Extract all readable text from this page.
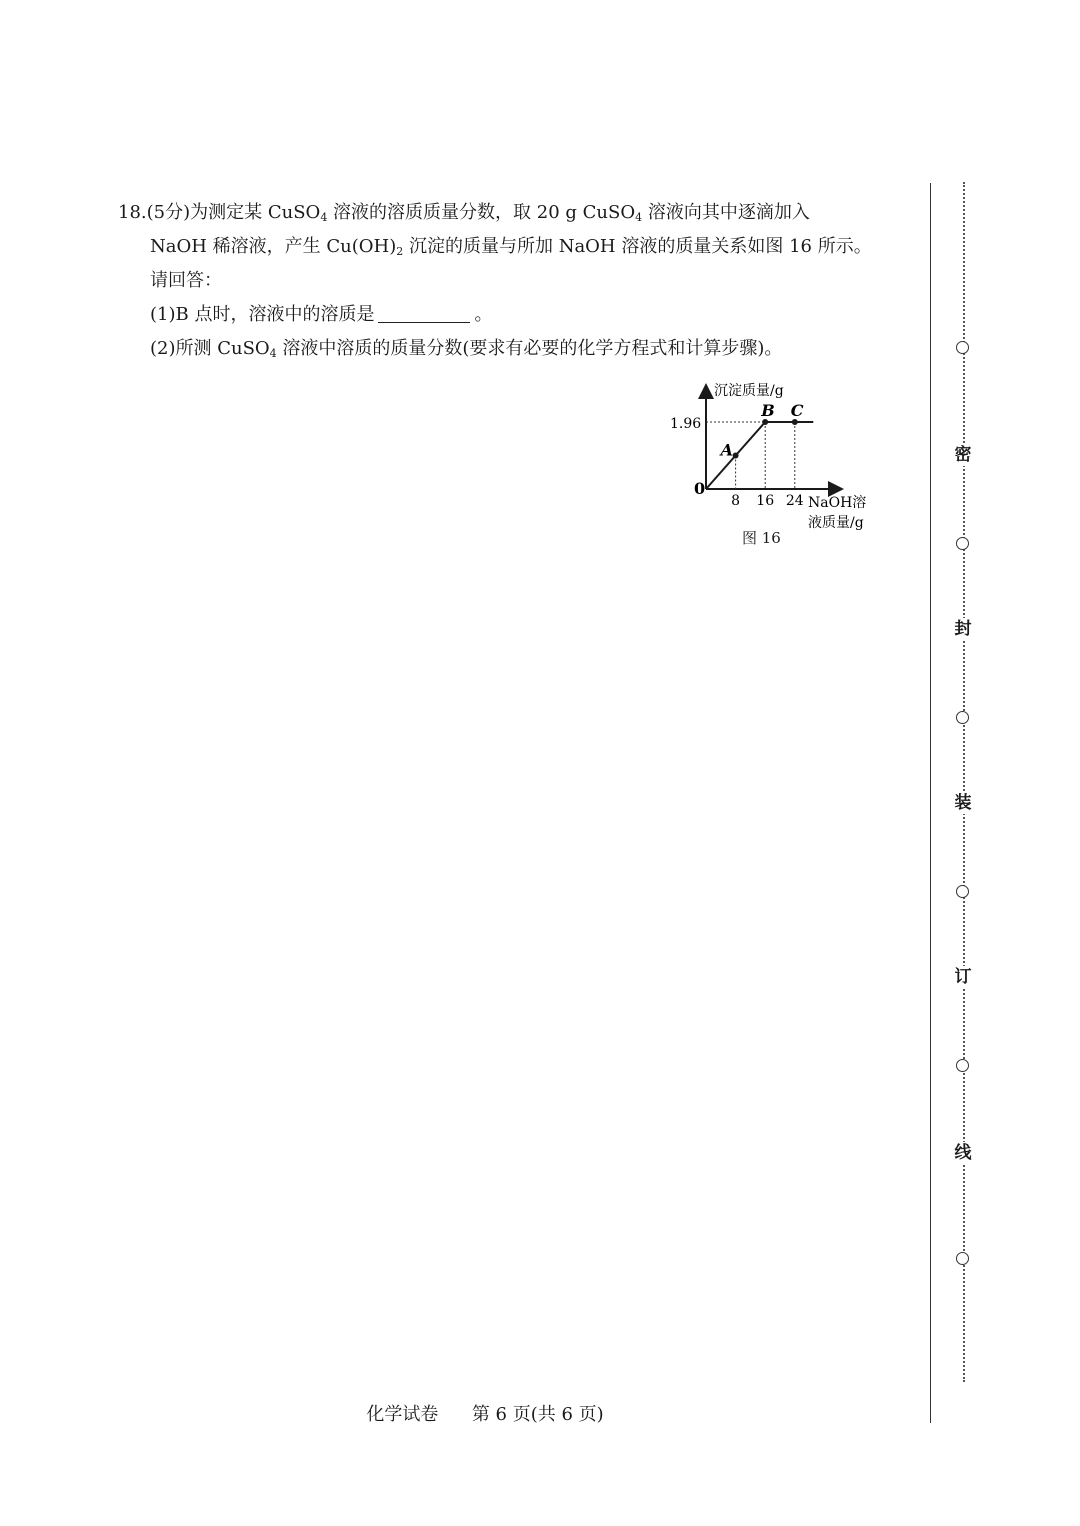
18.(5分)为测定某 CuSO$_4$ 溶液的溶质质量分数，取 20 g CuSO$_4$ 溶液向其中逐滴加入
NaOH 稀溶液，产生 $Cu(OH)_2$ 沉淀的质量与所加 NaOH 溶液的质量关系如图 16 所示。
请回答：
(1)B 点时，溶液中的溶质是	。
(2)所测 CuSO$_4$ 溶液中溶质的质量分数(要求有必要的化学方程式和计算步骤)。
沉淀质量/g
NaOH溶
液质量/g
0
1.96
8 16 24
A
B C
图 16
密
封
装
订
线
化学试卷 第 6 页(共 6 页)
